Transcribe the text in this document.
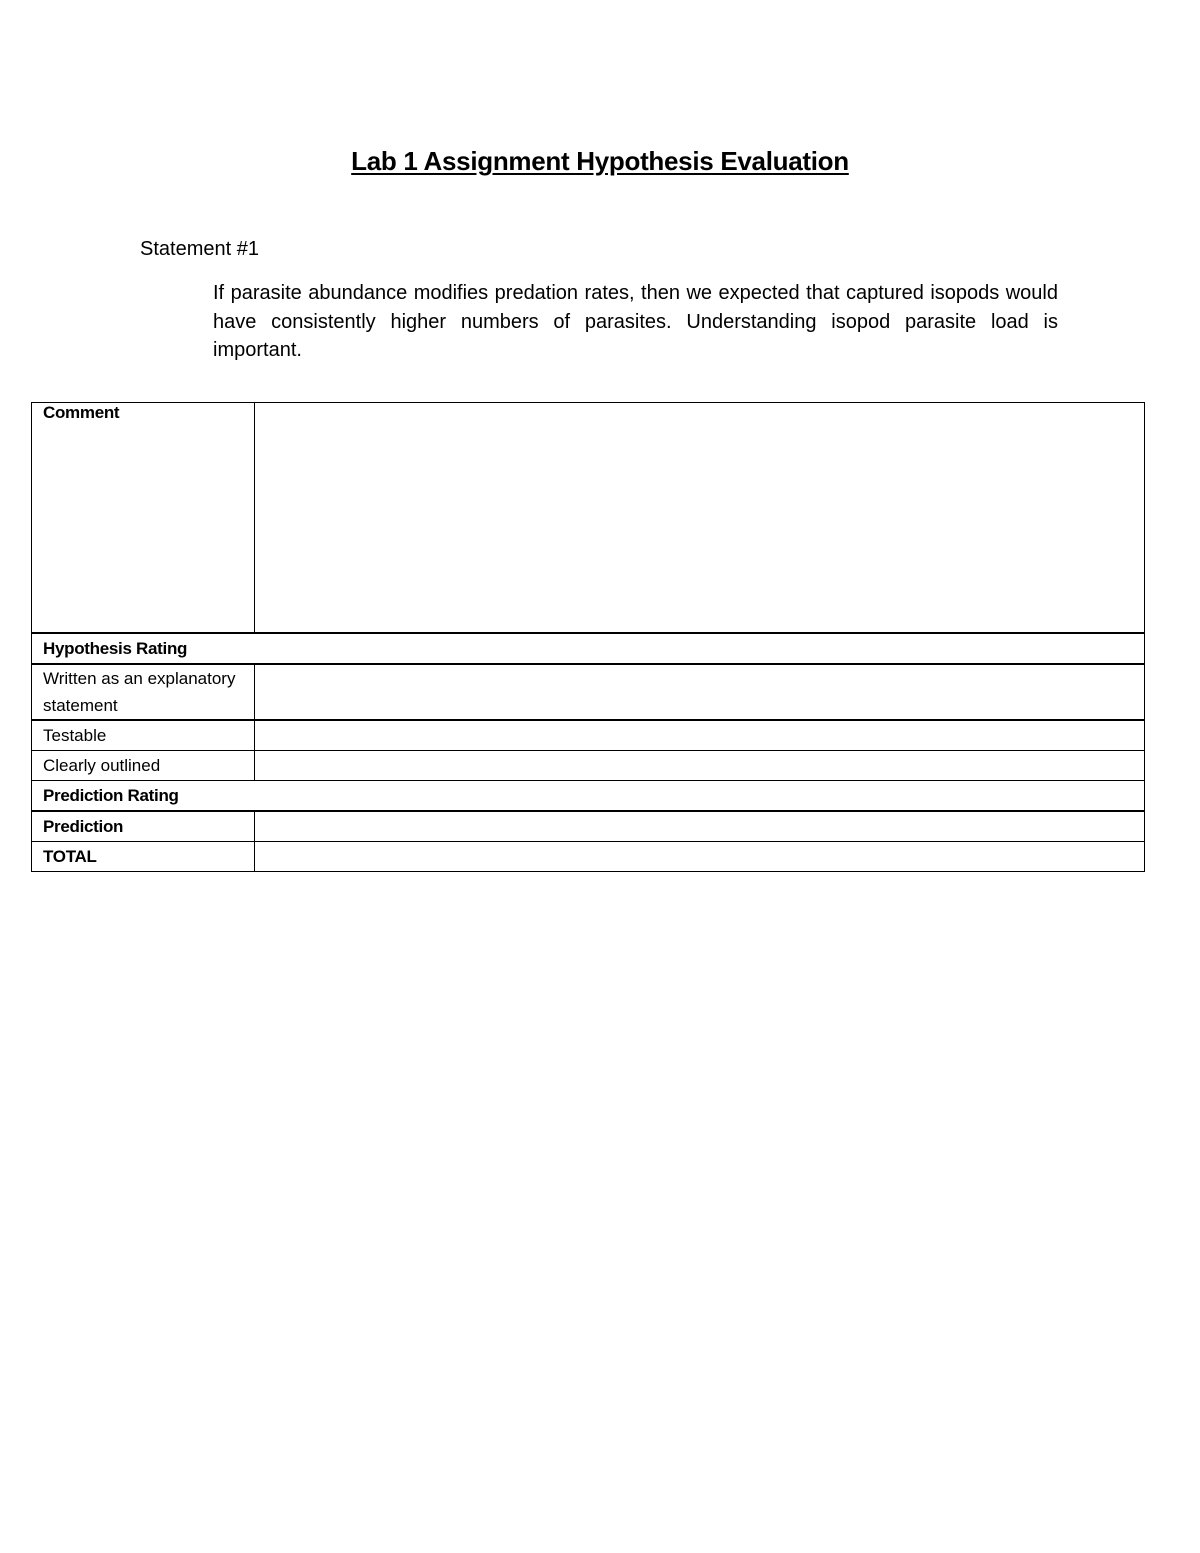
Lab 1 Assignment Hypothesis Evaluation
Statement #1
If parasite abundance modifies predation rates, then we expected that captured isopods would have consistently higher numbers of parasites. Understanding isopod parasite load is important.
Comment	
Hypothesis Rating	
Written as an explanatory statement	
Testable	
Clearly outlined	
Prediction Rating	
Prediction	
TOTAL	
